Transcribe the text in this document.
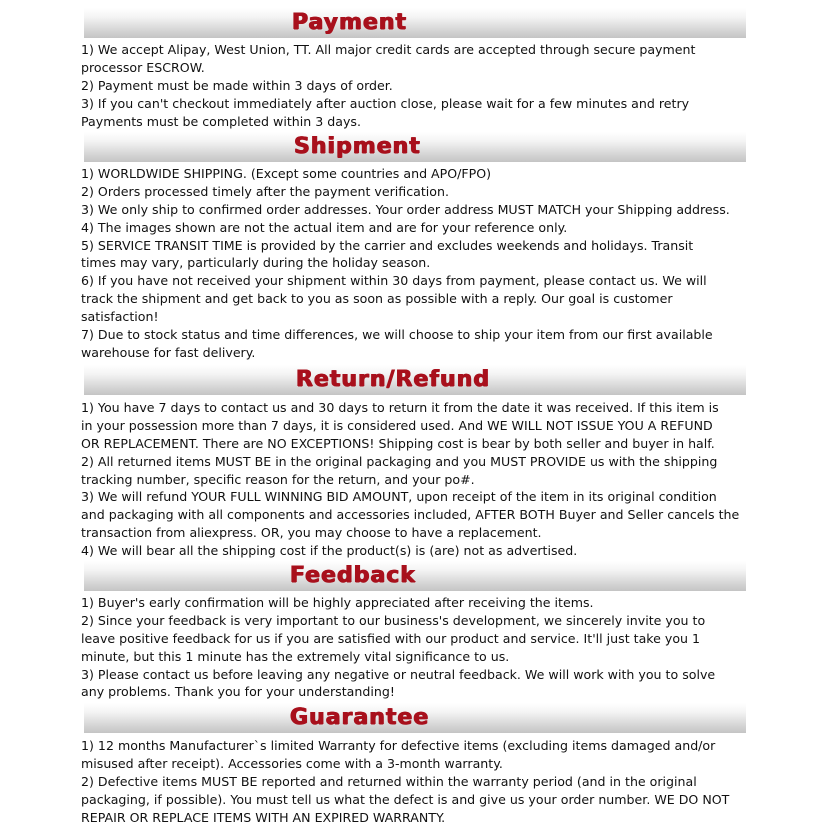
Payment
1) We accept Alipay, West Union, TT. All major credit cards are accepted through secure payment
processor ESCROW.
2) Payment must be made within 3 days of order.
3) If you can't checkout immediately after auction close, please wait for a few minutes and retry
Payments must be completed within 3 days.
Shipment
1) WORLDWIDE SHIPPING. (Except some countries and APO/FPO)
2) Orders processed timely after the payment verification.
3) We only ship to confirmed order addresses. Your order address MUST MATCH your Shipping address.
4) The images shown are not the actual item and are for your reference only.
5) SERVICE TRANSIT TIME is provided by the carrier and excludes weekends and holidays. Transit
times may vary, particularly during the holiday season.
6) If you have not received your shipment within 30 days from payment, please contact us. We will
track the shipment and get back to you as soon as possible with a reply. Our goal is customer
satisfaction!
7) Due to stock status and time differences, we will choose to ship your item from our first available
warehouse for fast delivery.
Return/Refund
1) You have 7 days to contact us and 30 days to return it from the date it was received. If this item is
in your possession more than 7 days, it is considered used. And WE WILL NOT ISSUE YOU A REFUND
OR REPLACEMENT. There are NO EXCEPTIONS! Shipping cost is bear by both seller and buyer in half.
2) All returned items MUST BE in the original packaging and you MUST PROVIDE us with the shipping
tracking number, specific reason for the return, and your po#.
3) We will refund YOUR FULL WINNING BID AMOUNT, upon receipt of the item in its original condition
and packaging with all components and accessories included, AFTER BOTH Buyer and Seller cancels the
transaction from aliexpress. OR, you may choose to have a replacement.
4) We will bear all the shipping cost if the product(s) is (are) not as advertised.
Feedback
1) Buyer's early confirmation will be highly appreciated after receiving the items.
2) Since your feedback is very important to our business's development, we sincerely invite you to
leave positive feedback for us if you are satisfied with our product and service. It'll just take you 1
minute, but this 1 minute has the extremely vital significance to us.
3) Please contact us before leaving any negative or neutral feedback. We will work with you to solve
any problems. Thank you for your understanding!
Guarantee
1) 12 months Manufacturer`s limited Warranty for defective items (excluding items damaged and/or
misused after receipt). Accessories come with a 3-month warranty.
2) Defective items MUST BE reported and returned within the warranty period (and in the original
packaging, if possible). You must tell us what the defect is and give us your order number. WE DO NOT
REPAIR OR REPLACE ITEMS WITH AN EXPIRED WARRANTY.
